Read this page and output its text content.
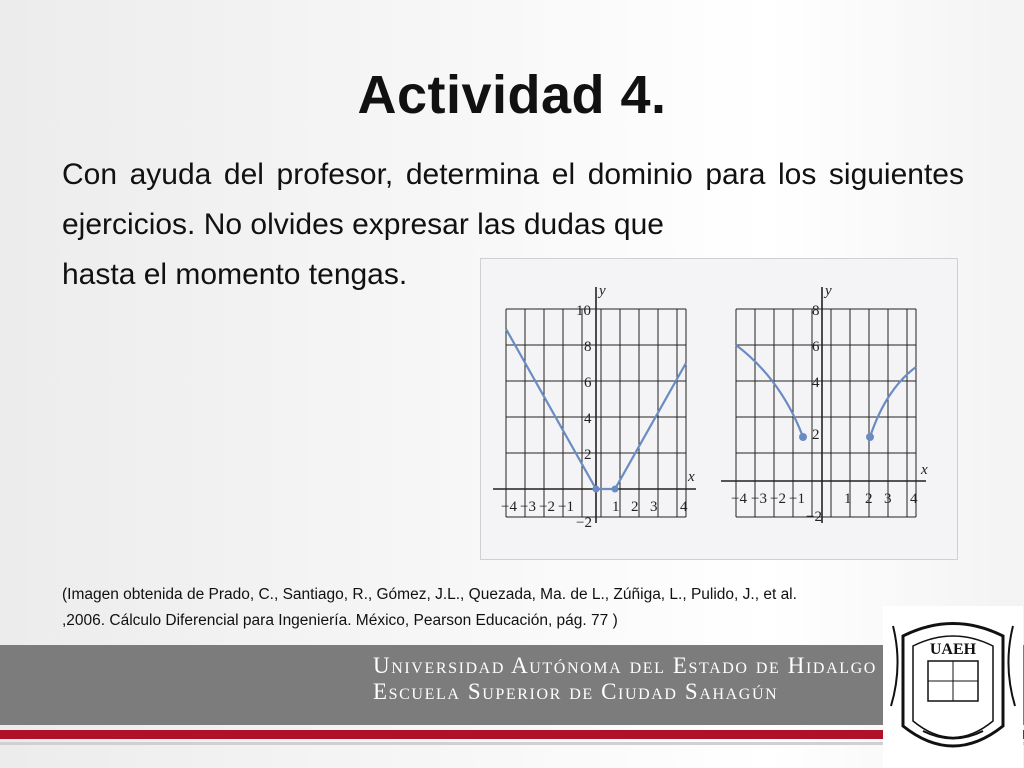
Actividad 4.
Con ayuda del profesor, determina el dominio para los siguientes ejercicios. No olvides expresar las dudas que
hasta el momento tengas.	y
x
10
8
6
4
2
−2
−4 −3 −2 −1	1 2 3 4
y
x
8
6
4
2
−2
−4 −3 −2 −1	1 2 3 4
(Imagen obtenida de Prado, C., Santiago, R., Gómez, J.L., Quezada, Ma. de L., Zúñiga, L., Pulido, J., et al.
,2006. Cálculo Diferencial para Ingeniería. México, Pearson Educación, pág. 77 )
Universidad Autónoma del Estado de Hidalgo
Escuela Superior de Ciudad Sahagún
UAEH
